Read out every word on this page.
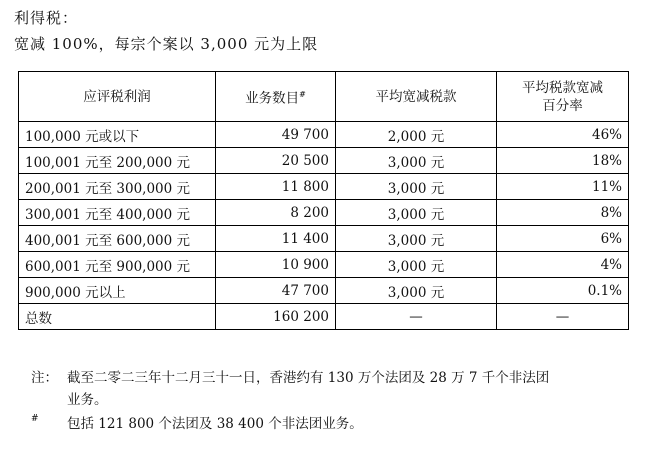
利得税：
宽减 100%，每宗个案以 3,000 元为上限
应评税利润	业务数目#	平均宽减税款	平均税款宽减
百分率

100,000 元或以下	49 700	2,000 元	46%
100,001 元至 200,000 元	20 500	3,000 元	18%
200,001 元至 300,000 元	11 800	3,000 元	11%
300,001 元至 400,000 元	8 200	3,000 元	8%
400,001 元至 600,000 元	11 400	3,000 元	6%
600,001 元至 900,000 元	10 900	3,000 元	4%
900,000 元以上	47 700	3,000 元	0.1%
总数	160 200	—	—
注： 截至二零二三年十二月三十一日，香港约有 130 万个法团及 28 万 7 千个非法团
业务。
# 包括 121 800 个法团及 38 400 个非法团业务。
